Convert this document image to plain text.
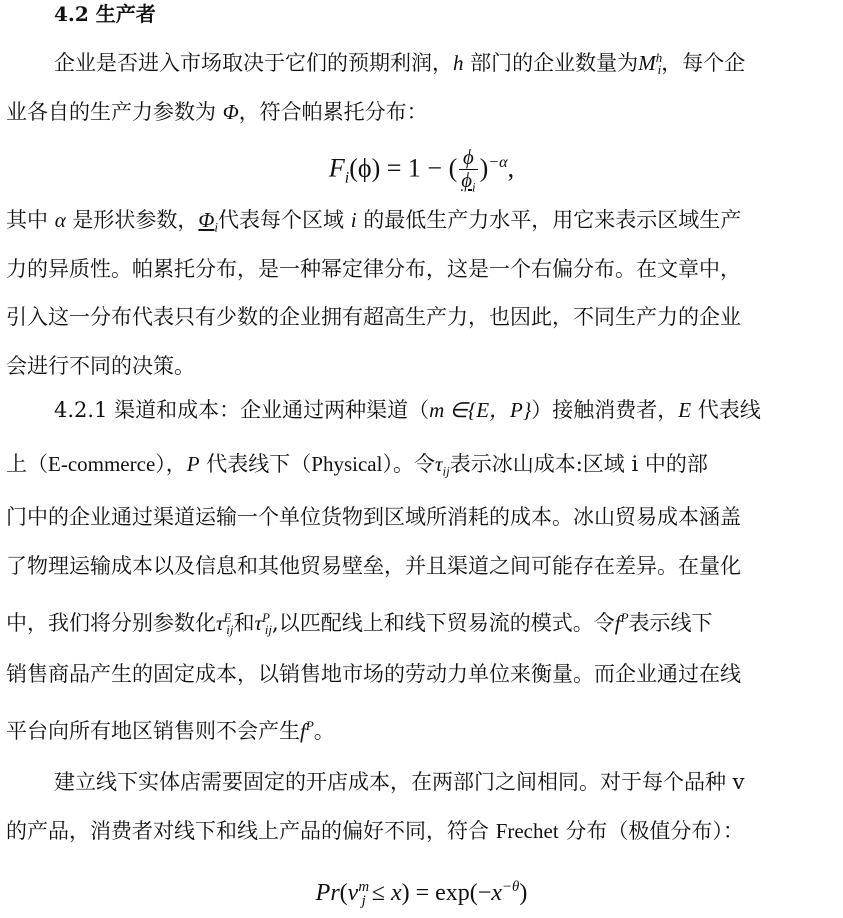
4.2 生产者
企业是否进入市场取决于它们的预期利润，h 部门的企业数量为$M^h_i$，每个企
业各自的生产力参数为 Φ，符合帕累托分布：
$F_i(\phi) = 1$ − ( $\frac{\phi}{\phi_i} )^{-\alpha}$,
其中 α 是形状参数，$\Phi_i$代表每个区域 i 的最低生产力水平，用它来表示区域生产
力的异质性。帕累托分布，是一种幂定律分布，这是一个右偏分布。在文章中，
引入这一分布代表只有少数的企业拥有超高生产力，也因此，不同生产力的企业
会进行不同的决策。
4.2.1 渠道和成本：企业通过两种渠道（m ∈{E，P}）接触消费者，E 代表线
上（E-commerce），P 代表线下（Physical）。令$\tau_{ij}$表示冰山成本:区域 i 中的部
门中的企业通过渠道运输一个单位货物到区域所消耗的成本。冰山贸易成本涵盖
了物理运输成本以及信息和其他贸易壁垒，并且渠道之间可能存在差异。在量化
中，我们将分别参数化$\tau^E_{ij}$和$\tau^P_{ij}$,以匹配线上和线下贸易流的模式。令$f^P$表示线下
销售商品产生的固定成本，以销售地市场的劳动力单位来衡量。而企业通过在线
平台向所有地区销售则不会产生$f^P$。
建立线下实体店需要固定的开店成本，在两部门之间相同。对于每个品种 v
的产品，消费者对线下和线上产品的偏好不同，符合 Frechet 分布（极值分布）：
$Pr(v^m_j \le x) = \exp(-x^{-\theta})$
